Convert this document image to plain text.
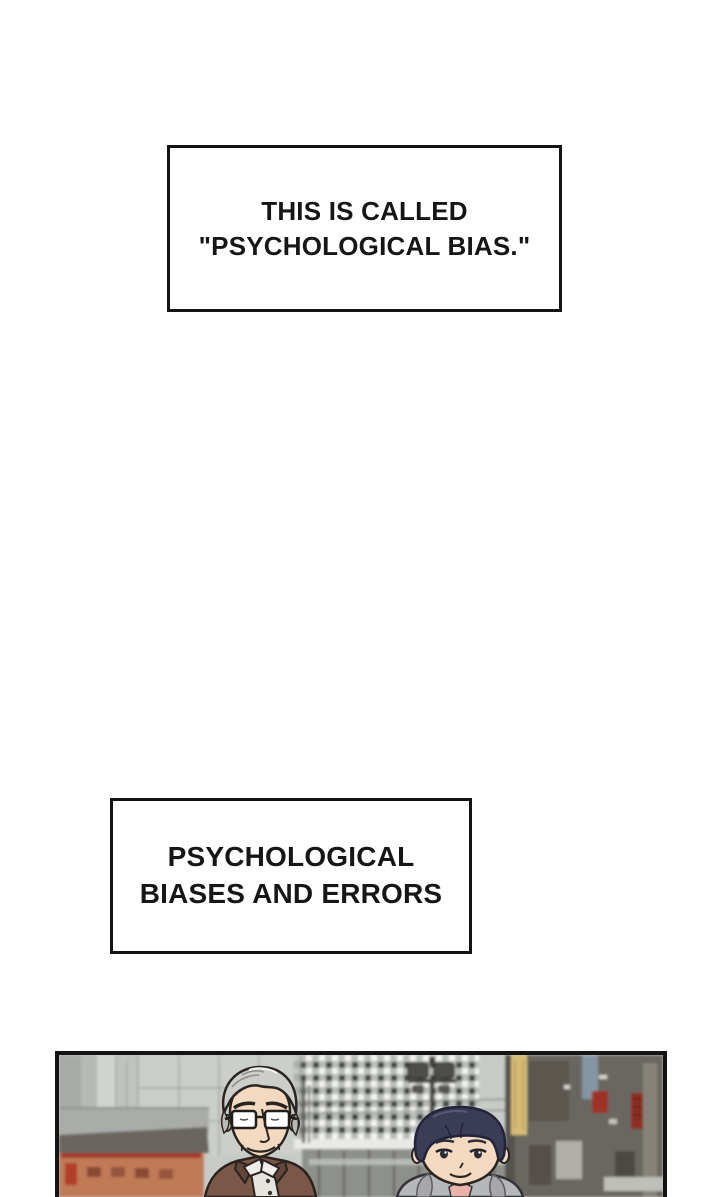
THIS IS CALLED
"PSYCHOLOGICAL BIAS."
PSYCHOLOGICAL
BIASES AND ERRORS
